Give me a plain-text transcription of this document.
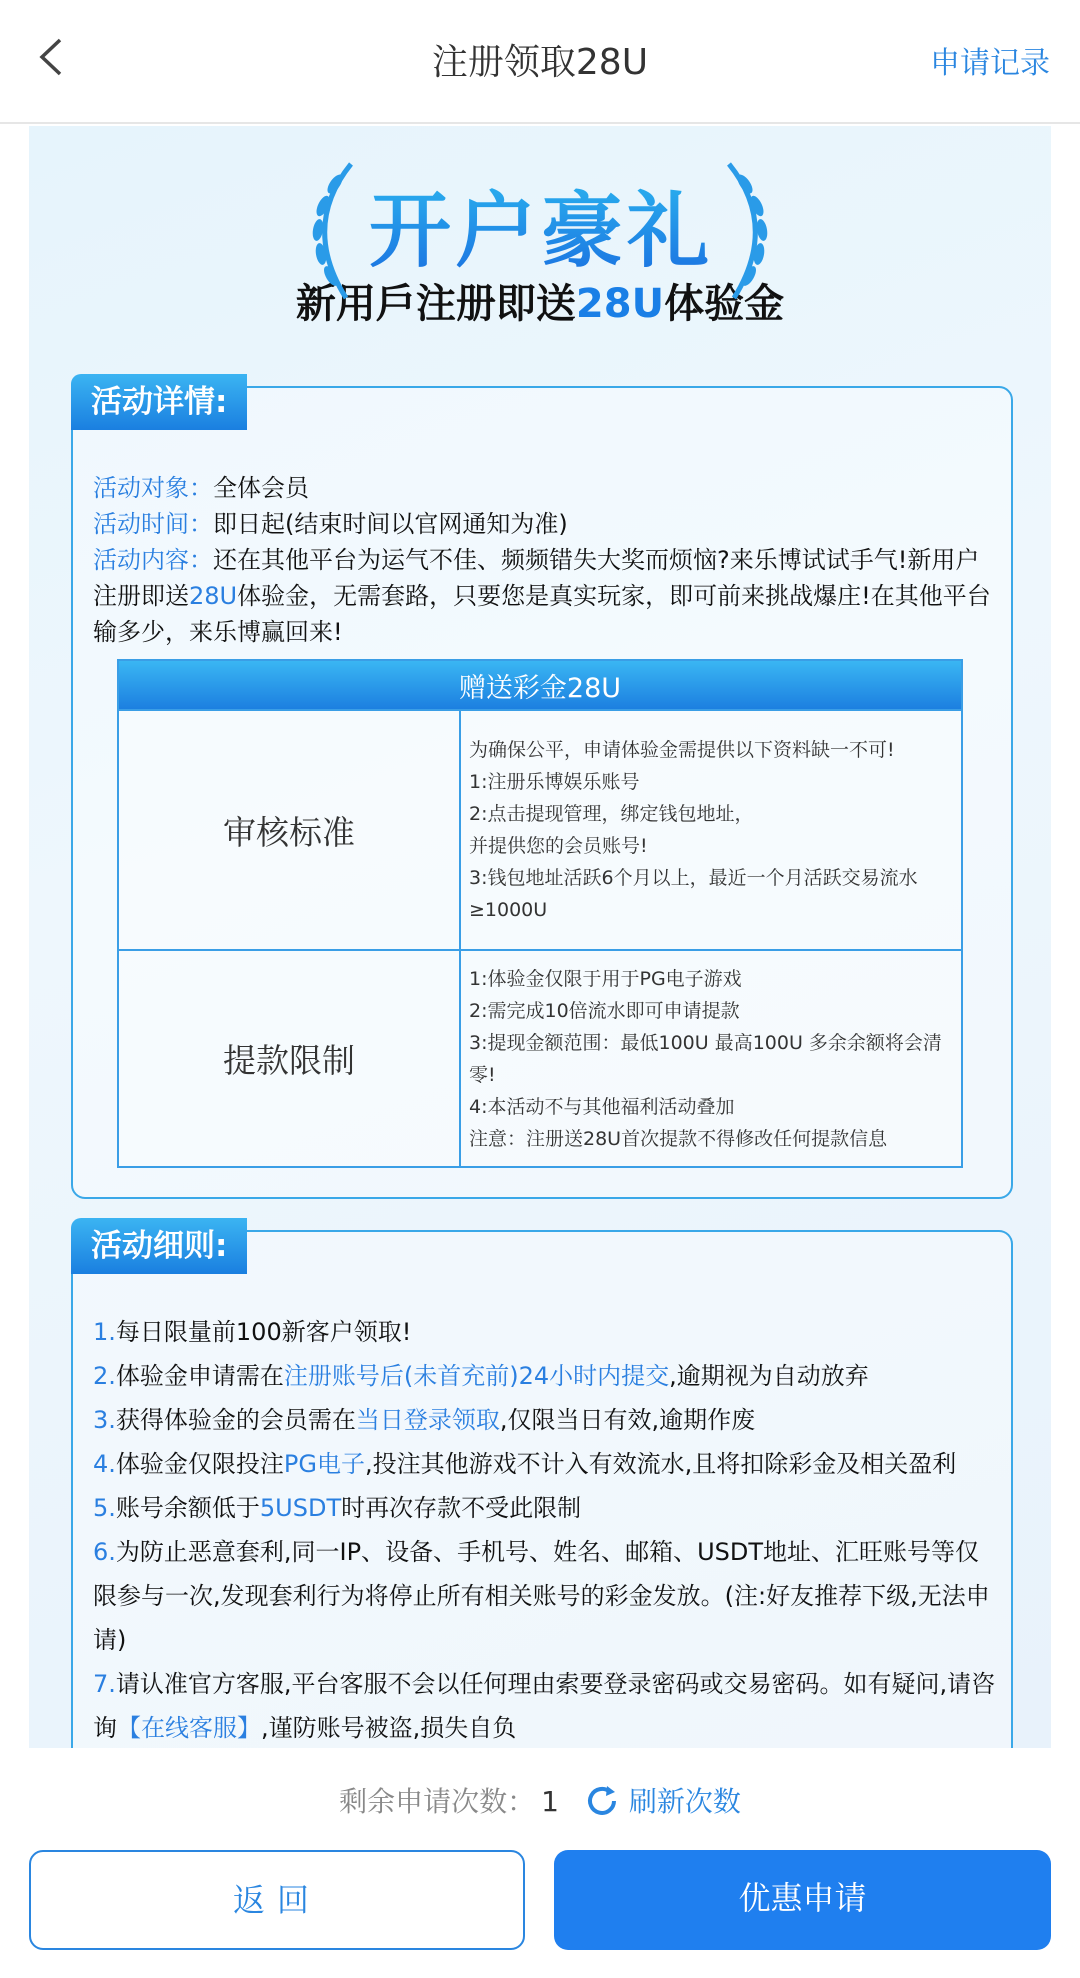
注册领取28U	申请记录
开户豪礼
新用戶注册即送28U体验金
活动详情:
活动对象：全体会员
活动时间：即日起(结束时间以官网通知为准)
活动内容：还在其他平台为运气不佳、频频错失大奖而烦恼?来乐博试试手气!新用户注册即送28U体验金，无需套路，只要您是真实玩家，即可前来挑战爆庄!在其他平台输多少，来乐博赢回来!
赠送彩金28U	
审核标准	为确保公平，申请体验金需提供以下资料缺一不可!
1:注册乐博娱乐账号
2:点击提现管理，绑定钱包地址，
并提供您的会员账号!
3:钱包地址活跃6个月以上，最近一个月活跃交易流水≥1000U

提款限制	1:体验金仅限于用于PG电子游戏
2:需完成10倍流水即可申请提款
3:提现金额范围：最低100U 最高100U 多余余额将会清零!
4:本活动不与其他福利活动叠加
注意：注册送28U首次提款不得修改任何提款信息
活动细则:
1.每日限量前100新客户领取!
2.体验金申请需在注册账号后(未首充前)24小时内提交,逾期视为自动放弃
3.获得体验金的会员需在当日登录领取,仅限当日有效,逾期作废
4.体验金仅限投注PG电子,投注其他游戏不计入有效流水,且将扣除彩金及相关盈利
5.账号余额低于5USDT时再次存款不受此限制
6.为防止恶意套利,同一IP、设备、手机号、姓名、邮箱、USDT地址、汇旺账号等仅限参与一次,发现套利行为将停止所有相关账号的彩金发放。(注:好友推荐下级,无法申请)
7.请认准官方客服,平台客服不会以任何理由索要登录密码或交易密码。如有疑问,请咨询【在线客服】,谨防账号被盗,损失自负
剩余申请次数： 1	刷新次数
返回	优惠申请
